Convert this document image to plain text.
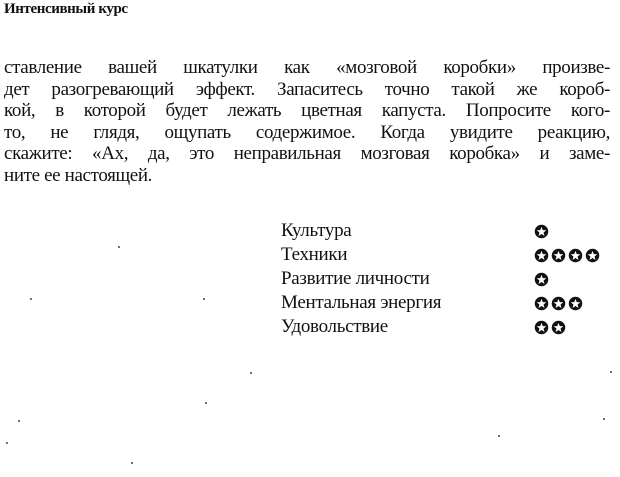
Интенсивный курс

ставление вашей шкатулки как «мозговой коробки» произве-
дет разогревающий эффект. Запаситесь точно такой же короб-
кой, в которой будет лежать цветная капуста. Попросите кого-
то, не глядя, ощупать содержимое. Когда увидите реакцию,
скажите: «Ах, да, это неправильная мозговая коробка» и заме-
ните ее настоящей.

Культура
Техники
Развитие личности
Ментальная энергия
Удовольствие
